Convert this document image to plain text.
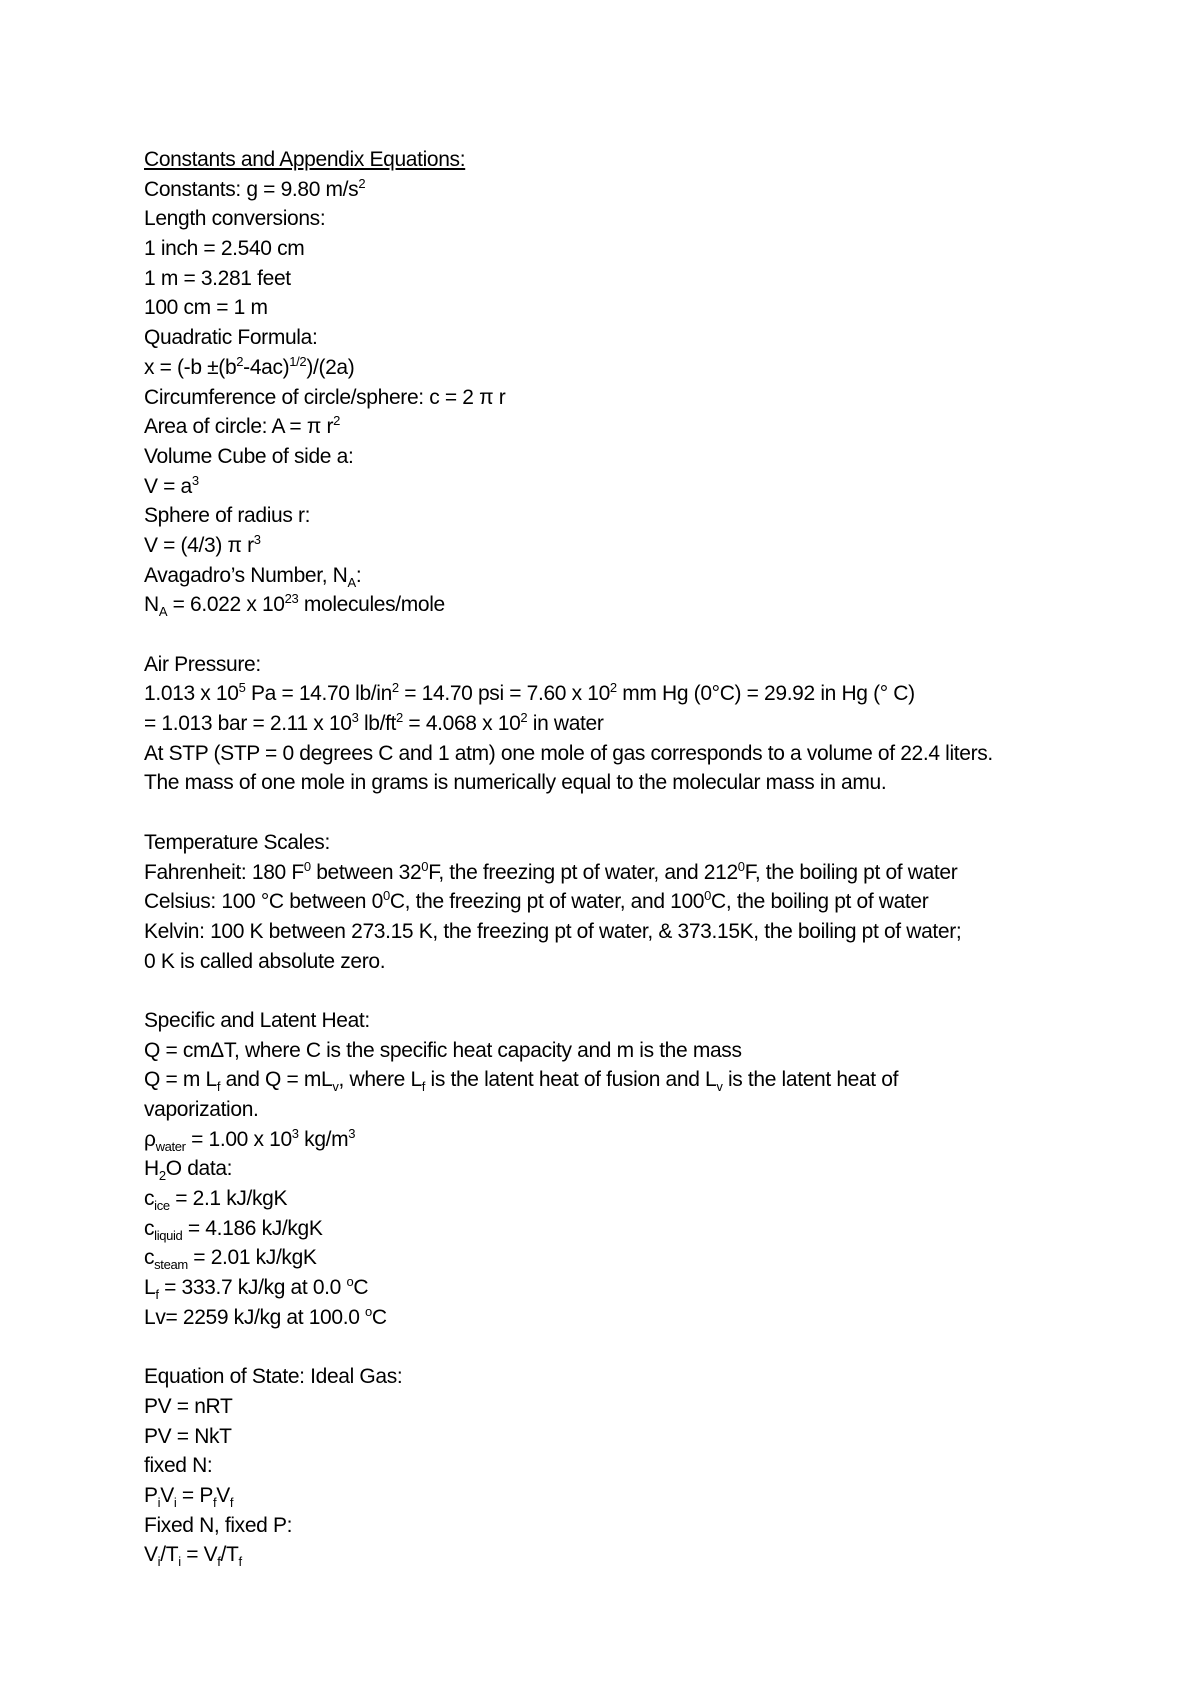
Constants and Appendix Equations:
Constants: g = 9.80 $m/s^2$
Length conversions:
1 inch = 2.540 cm
1 m = 3.281 feet
100 cm = 1 m
Quadratic Formula:
$x = (-b \pm(b^2-4ac)^{1/2})/(2a)$
Circumference of circle/sphere: c = 2 π r
Area of circle: A = π $r^2$
Volume Cube of side a:
$V = a^3$
Sphere of radius r:
V = (4/3) π $r^3$
Avagadro’s Number, $N_A$:
$N_A = 6.022$ x $10^{23}$ molecules/mole
Air Pressure:
1.013 x $10^5$ Pa = 14.70 $lb/in^2 = 14.70$ psi = 7.60 x $10^2$ mm Hg (0°C) = 29.92 in Hg (° C)
= 1.013 bar = 2.11 x $10^3$ $lb/ft^2 = 4.068$ x $10^2$ in water
At STP (STP = 0 degrees C and 1 atm) one mole of gas corresponds to a volume of 22.4 liters.
The mass of one mole in grams is numerically equal to the molecular mass in amu.
Temperature Scales:
Fahrenheit: 180 $F^0$ between $32^0F$, the freezing pt of water, and $212^0F$, the boiling pt of water
Celsius: 100 °C between $0^0C$, the freezing pt of water, and $100^0C$, the boiling pt of water
Kelvin: 100 K between 273.15 K, the freezing pt of water, & 373.15K, the boiling pt of water;
0 K is called absolute zero.
Specific and Latent Heat:
Q = cmΔT, where C is the specific heat capacity and m is the mass
Q = m $L_f$ and $Q = mL_v$, where $L_f$ is the latent heat of fusion and $L_v$ is the latent heat of
vaporization.
$\rho_{water} = 1.00$ x $10^3$ $kg/m^3$
$H_2O$ data:
$c_{ice} = 2.1$ kJ/kgK
$c_{liquid} = 4.186$ kJ/kgK
$c_{steam} = 2.01$ kJ/kgK
$L_f = 333.7$ kJ/kg at 0.0 $^o$C
Lv= 2259 kJ/kg at 100.0 $^o$C
Equation of State: Ideal Gas:
PV = nRT
PV = NkT
fixed N:
$P_iV_i = P_fV_f$
Fixed N, fixed P:
$V_i/T_i = V_f/T_f$
